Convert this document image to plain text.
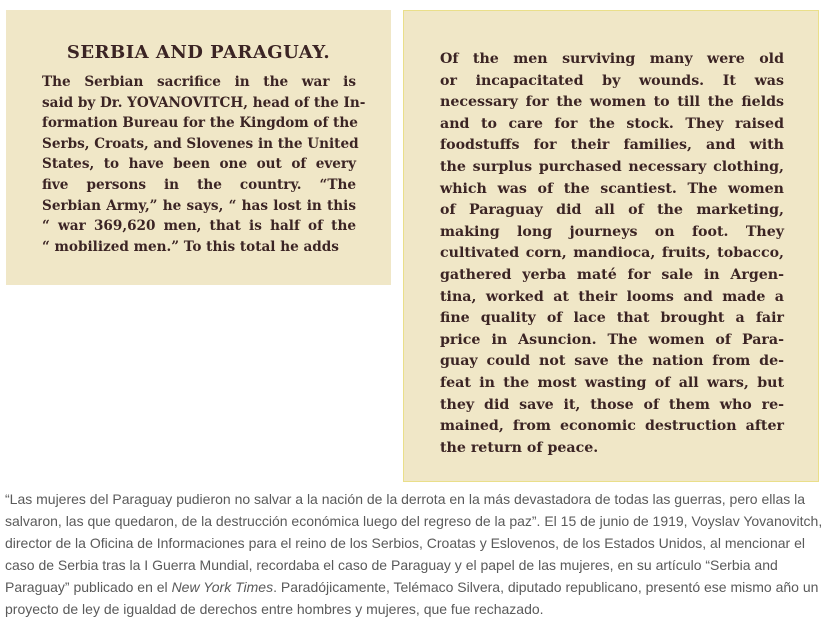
SERBIA AND PARAGUAY.
The Serbian sacrifice in the war is
said by Dr. YOVANOVITCH, head of the In-
formation Bureau for the Kingdom of the
Serbs, Croats, and Slovenes in the United
States, to have been one out of every
five persons in the country. “The
Serbian Army,” he says, “ has lost in this
“ war 369,620 men, that is half of the
“ mobilized men.” To this total he adds
Of the men surviving many were old
or incapacitated by wounds. It was
necessary for the women to till the fields
and to care for the stock. They raised
foodstuffs for their families, and with
the surplus purchased necessary clothing,
which was of the scantiest. The women
of Paraguay did all of the marketing,
making long journeys on foot. They
cultivated corn, mandioca, fruits, tobacco,
gathered yerba maté for sale in Argen-
tina, worked at their looms and made a
fine quality of lace that brought a fair
price in Asuncion. The women of Para-
guay could not save the nation from de-
feat in the most wasting of all wars, but
they did save it, those of them who re-
mained, from economic destruction after
the return of peace.

“Las mujeres del Paraguay pudieron no salvar a la nación de la derrota en la más devastadora de todas las guerras, pero ellas la salvaron, las que quedaron, de la destrucción económica luego del regreso de la paz”. El 15 de junio de 1919, Voyslav Yovanovitch, director de la Oficina de Informaciones para el reino de los Serbios, Croatas y Eslovenos, de los Estados Unidos, al mencionar el caso de Serbia tras la I Guerra Mundial, recordaba el caso de Paraguay y el papel de las mujeres, en su artículo “Serbia and Paraguay” publicado en el New York Times. Paradójicamente, Telémaco Silvera, diputado republicano, presentó ese mismo año un proyecto de ley de igualdad de derechos entre hombres y mujeres, que fue rechazado.
